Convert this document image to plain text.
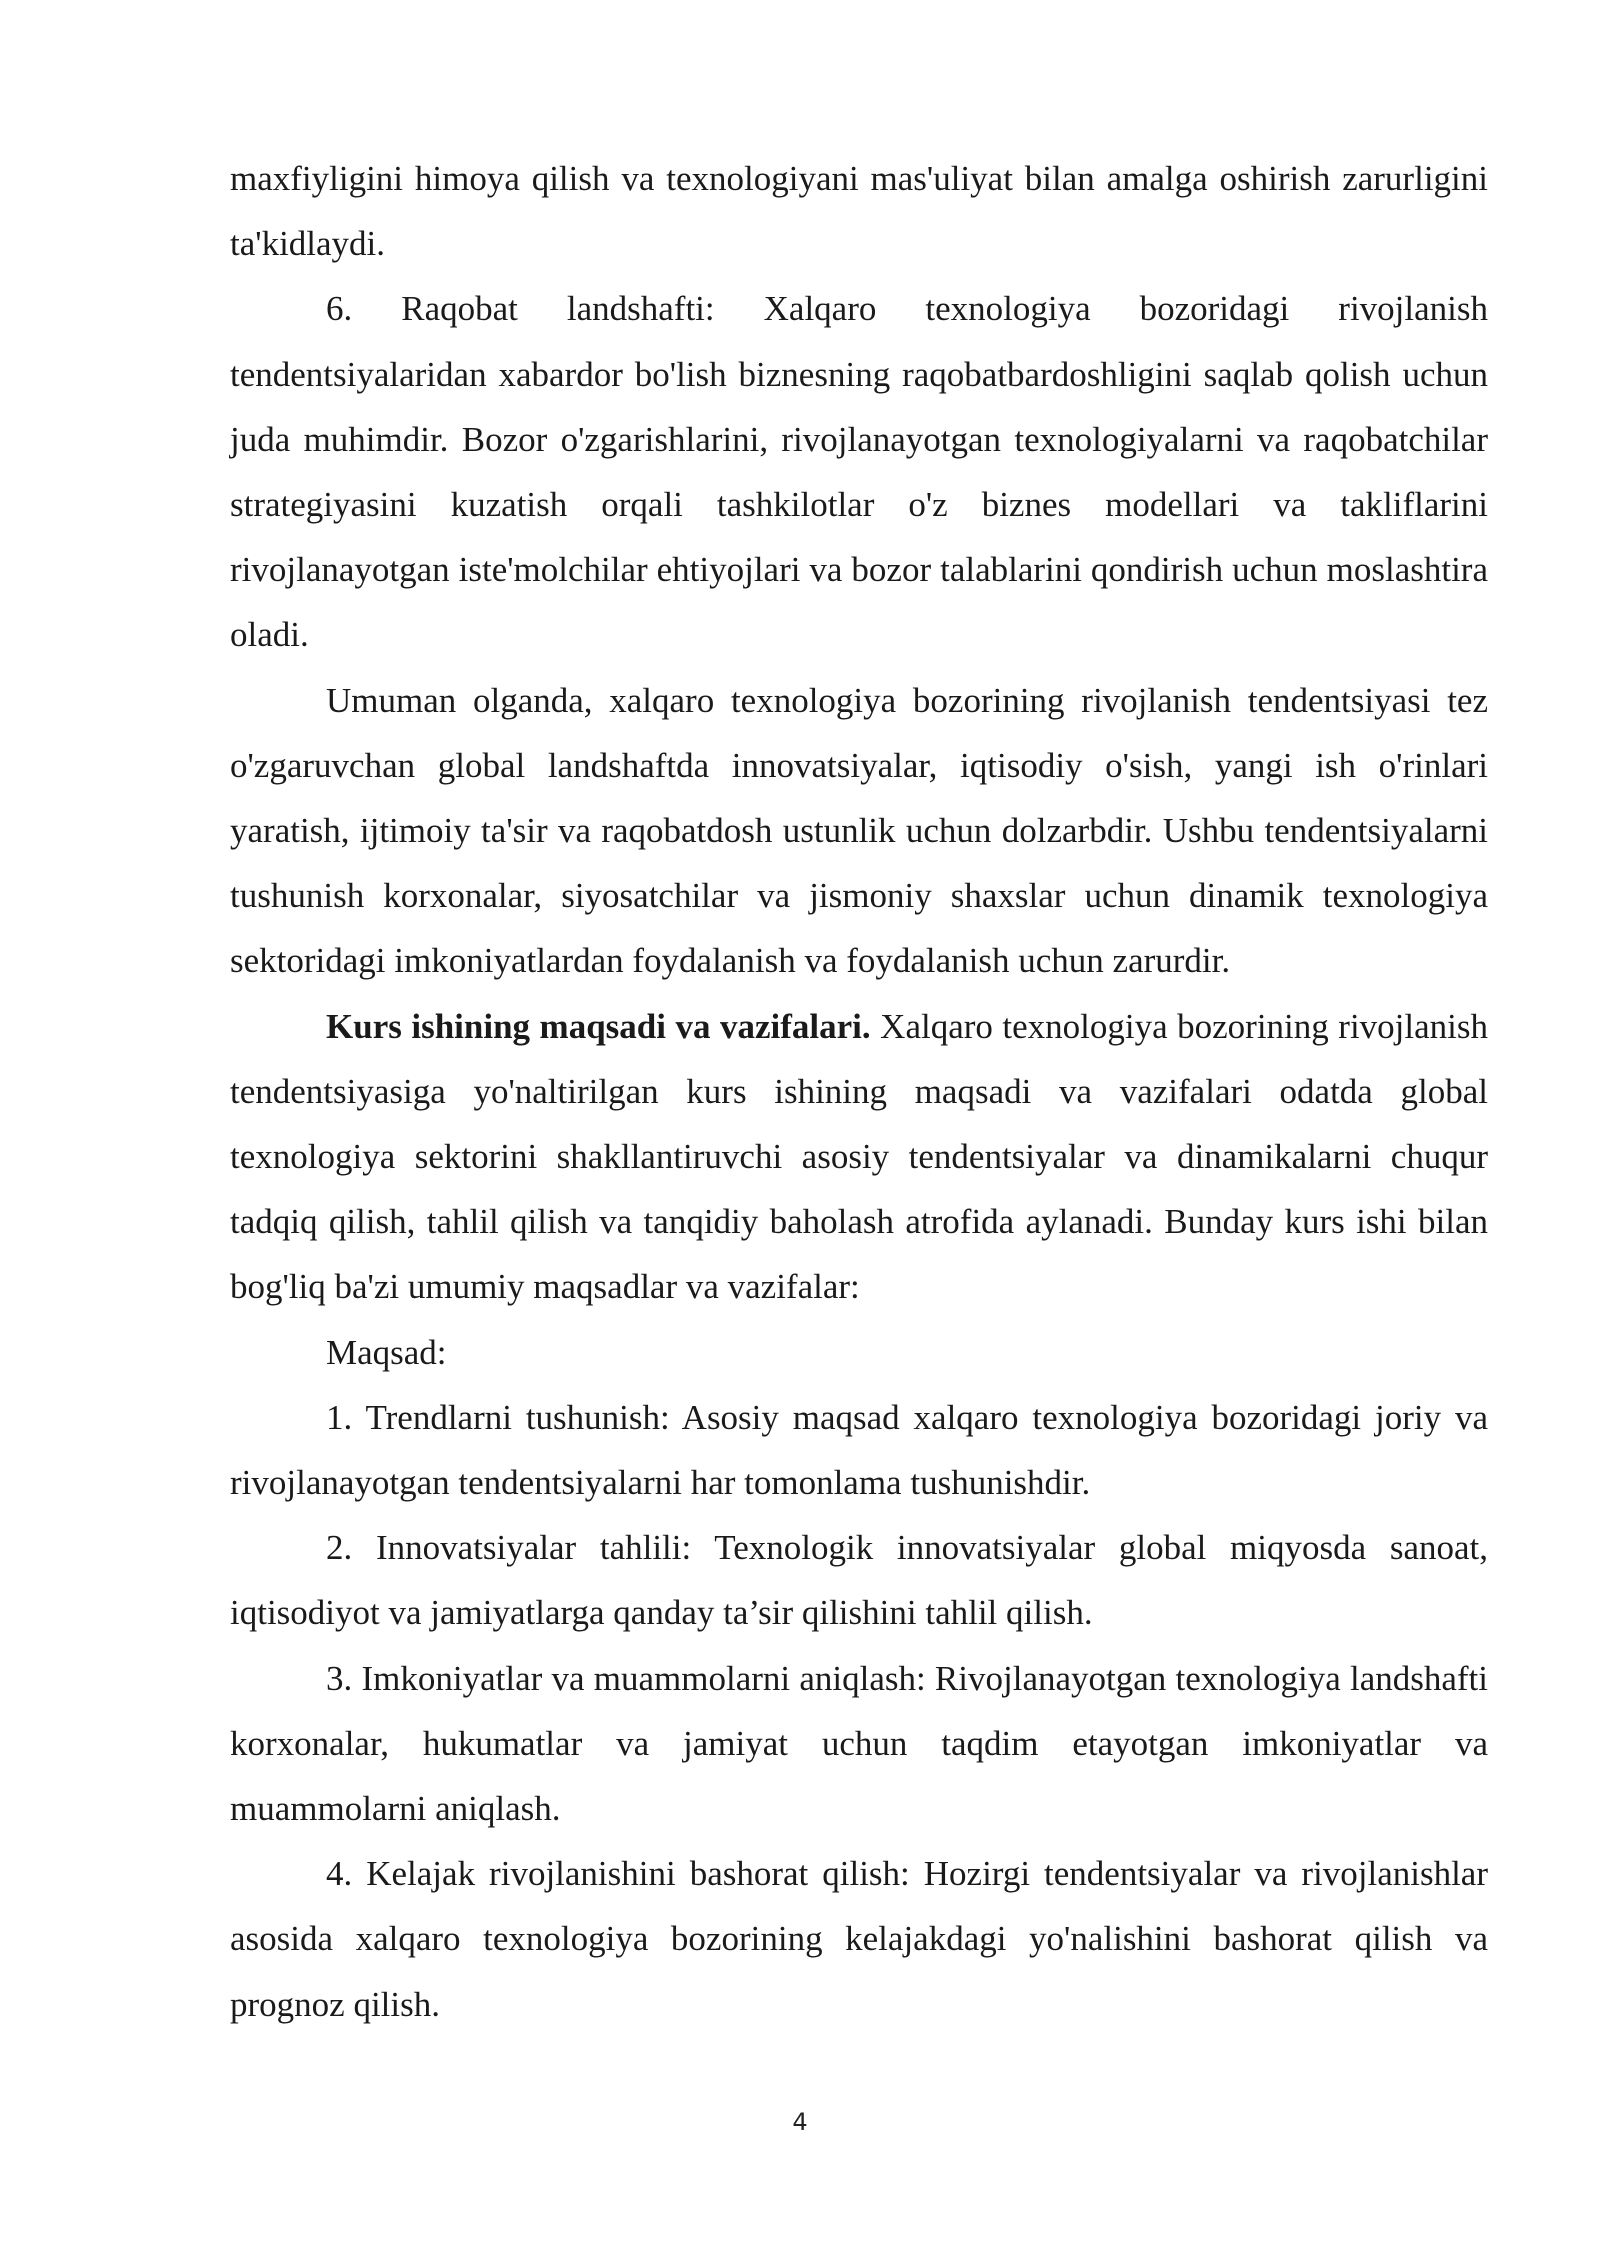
maxfiyligini himoya qilish va texnologiyani mas'uliyat bilan amalga oshirish zarurligini ta'kidlaydi.

6. Raqobat landshafti: Xalqaro texnologiya bozoridagi rivojlanish tendentsiyalaridan xabardor bo'lish biznesning raqobatbardoshligini saqlab qolish uchun juda muhimdir. Bozor o'zgarishlarini, rivojlanayotgan texnologiyalarni va raqobatchilar strategiyasini kuzatish orqali tashkilotlar o'z biznes modellari va takliflarini rivojlanayotgan iste'molchilar ehtiyojlari va bozor talablarini qondirish uchun moslashtira oladi.

Umuman olganda, xalqaro texnologiya bozorining rivojlanish tendentsiyasi tez o'zgaruvchan global landshaftda innovatsiyalar, iqtisodiy o'sish, yangi ish o'rinlari yaratish, ijtimoiy ta'sir va raqobatdosh ustunlik uchun dolzarbdir. Ushbu tendentsiyalarni tushunish korxonalar, siyosatchilar va jismoniy shaxslar uchun dinamik texnologiya sektoridagi imkoniyatlardan foydalanish va foydalanish uchun zarurdir.

Kurs ishining maqsadi va vazifalari. Xalqaro texnologiya bozorining rivojlanish tendentsiyasiga yo'naltirilgan kurs ishining maqsadi va vazifalari odatda global texnologiya sektorini shakllantiruvchi asosiy tendentsiyalar va dinamikalarni chuqur tadqiq qilish, tahlil qilish va tanqidiy baholash atrofida aylanadi. Bunday kurs ishi bilan bog'liq ba'zi umumiy maqsadlar va vazifalar:

Maqsad:

1. Trendlarni tushunish: Asosiy maqsad xalqaro texnologiya bozoridagi joriy va rivojlanayotgan tendentsiyalarni har tomonlama tushunishdir.

2. Innovatsiyalar tahlili: Texnologik innovatsiyalar global miqyosda sanoat, iqtisodiyot va jamiyatlarga qanday ta’sir qilishini tahlil qilish.

3. Imkoniyatlar va muammolarni aniqlash: Rivojlanayotgan texnologiya landshafti korxonalar, hukumatlar va jamiyat uchun taqdim etayotgan imkoniyatlar va muammolarni aniqlash.

4. Kelajak rivojlanishini bashorat qilish: Hozirgi tendentsiyalar va rivojlanishlar asosida xalqaro texnologiya bozorining kelajakdagi yo'nalishini bashorat qilish va prognoz qilish.

4
